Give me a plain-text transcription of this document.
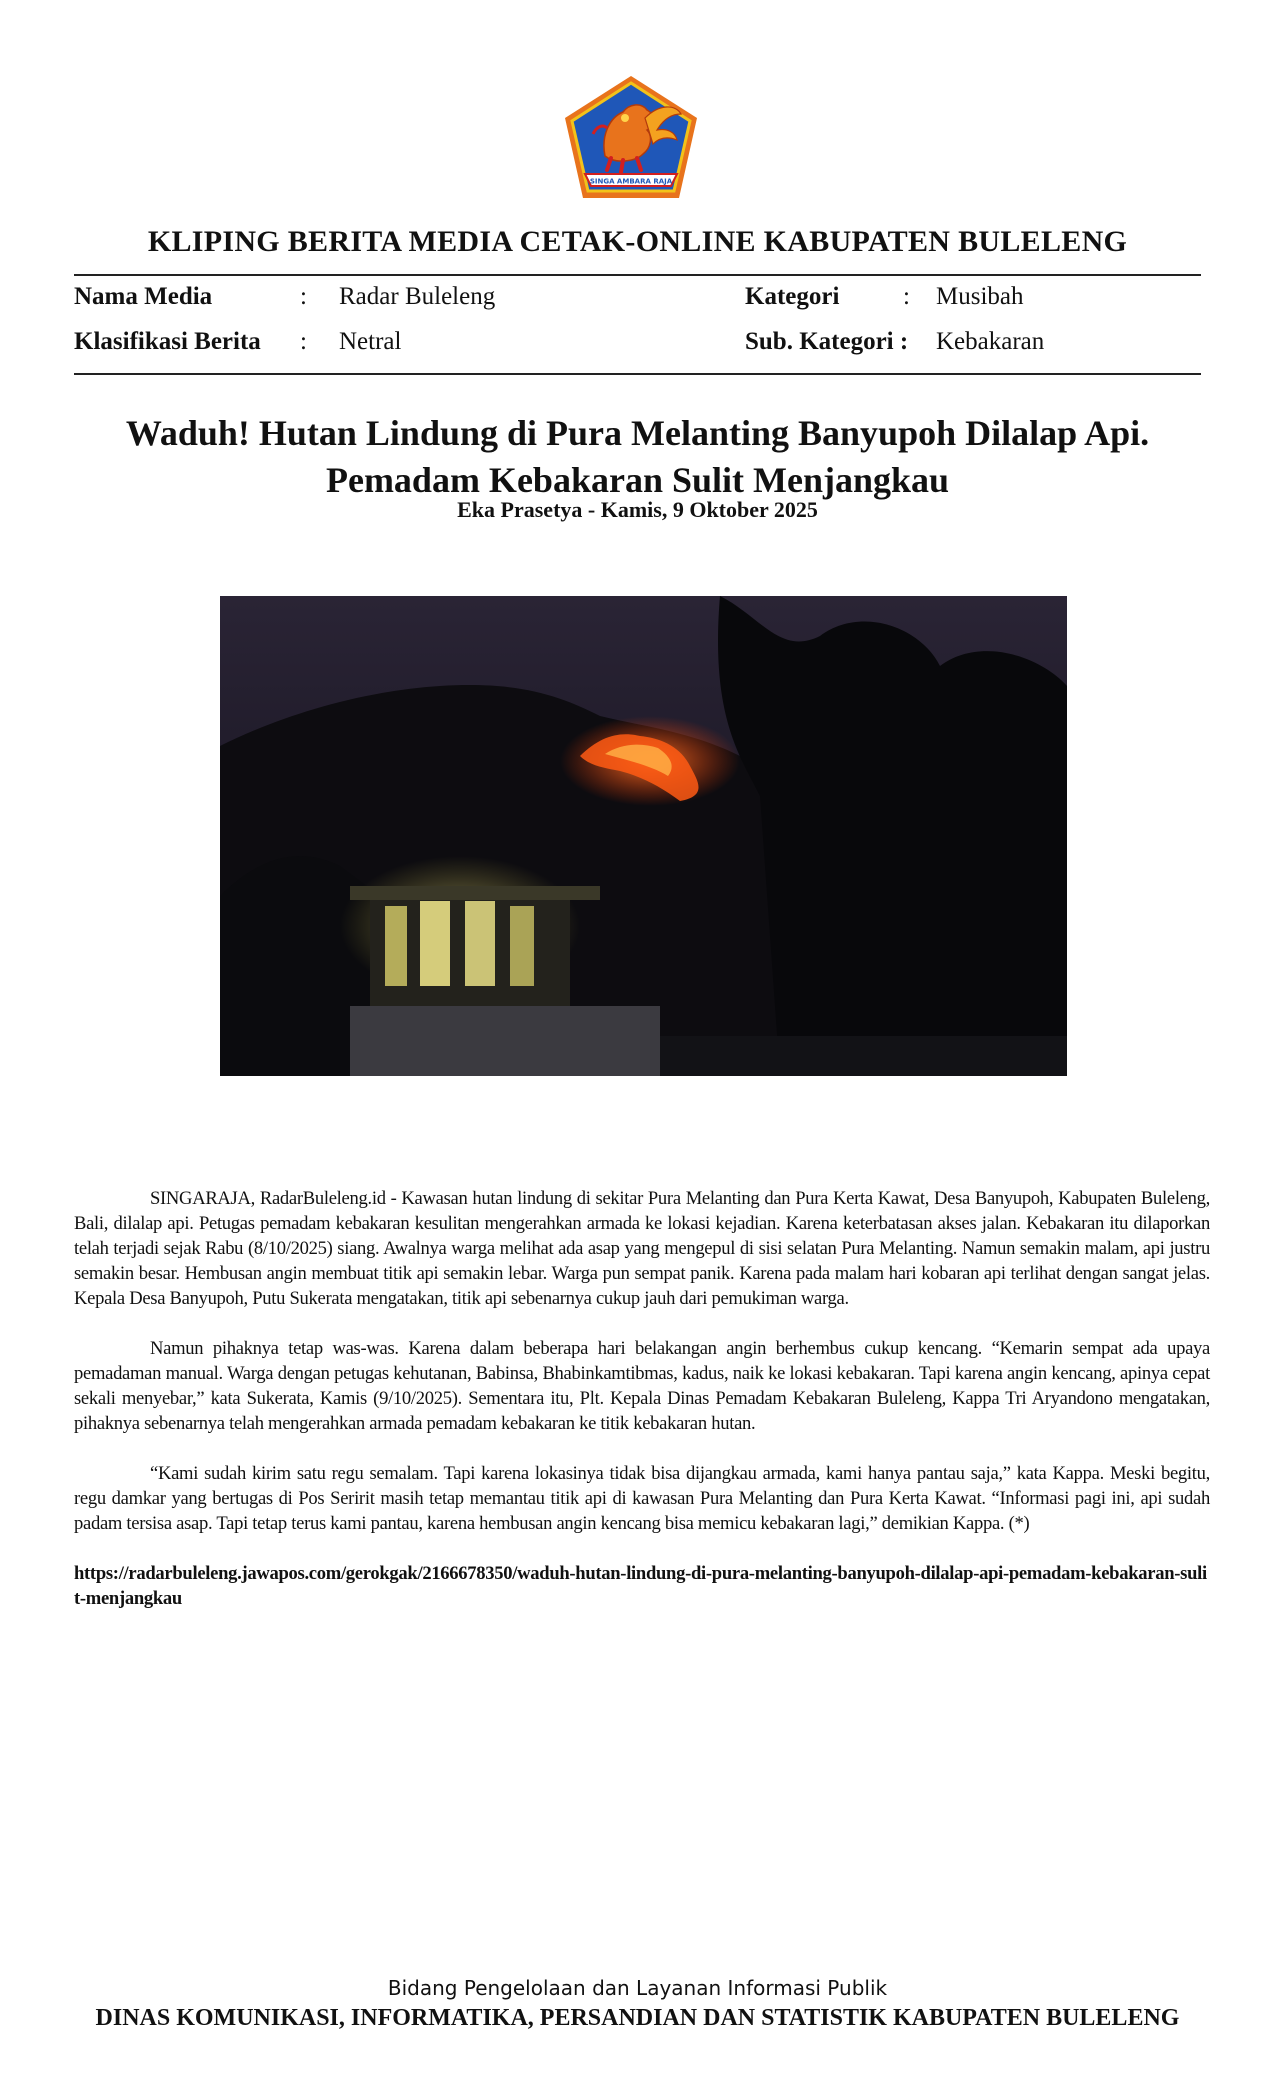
SINGA AMBARA RAJA
KLIPING BERITA MEDIA CETAK-ONLINE KABUPATEN BULELENG
Nama Media	: Radar Buleleng	Kategori	: Musibah
Klasifikasi Berita : Netral	Sub. Kategori : Kebakaran
Waduh! Hutan Lindung di Pura Melanting Banyupoh Dilalap Api.
Pemadam Kebakaran Sulit Menjangkau
Eka Prasetya - Kamis, 9 Oktober 2025

SINGARAJA, RadarBuleleng.id - Kawasan hutan lindung di sekitar Pura Melanting dan Pura Kerta Kawat, Desa Banyupoh, Kabupaten Buleleng, Bali, dilalap api. Petugas pemadam kebakaran kesulitan mengerahkan armada ke lokasi kejadian. Karena keterbatasan akses jalan. Kebakaran itu dilaporkan telah terjadi sejak Rabu (8/10/2025) siang. Awalnya warga melihat ada asap yang mengepul di sisi selatan Pura Melanting. Namun semakin malam, api justru semakin besar. Hembusan angin membuat titik api semakin lebar. Warga pun sempat panik. Karena pada malam hari kobaran api terlihat dengan sangat jelas. Kepala Desa Banyupoh, Putu Sukerata mengatakan, titik api sebenarnya cukup jauh dari pemukiman warga.

Namun pihaknya tetap was-was. Karena dalam beberapa hari belakangan angin berhembus cukup kencang. “Kemarin sempat ada upaya pemadaman manual. Warga dengan petugas kehutanan, Babinsa, Bhabinkamtibmas, kadus, naik ke lokasi kebakaran. Tapi karena angin kencang, apinya cepat sekali menyebar,” kata Sukerata, Kamis (9/10/2025). Sementara itu, Plt. Kepala Dinas Pemadam Kebakaran Buleleng, Kappa Tri Aryandono mengatakan, pihaknya sebenarnya telah mengerahkan armada pemadam kebakaran ke titik kebakaran hutan.

“Kami sudah kirim satu regu semalam. Tapi karena lokasinya tidak bisa dijangkau armada, kami hanya pantau saja,” kata Kappa. Meski begitu, regu damkar yang bertugas di Pos Seririt masih tetap memantau titik api di kawasan Pura Melanting dan Pura Kerta Kawat. “Informasi pagi ini, api sudah padam tersisa asap. Tapi tetap terus kami pantau, karena hembusan angin kencang bisa memicu kebakaran lagi,” demikian Kappa. (*)

https://radarbuleleng.jawapos.com/gerokgak/2166678350/waduh-hutan-lindung-di-pura-melanting-banyupoh-dilalap-api-pemadam-kebakaran-sulit-menjangkau

Bidang Pengelolaan dan Layanan Informasi Publik
DINAS KOMUNIKASI, INFORMATIKA, PERSANDIAN DAN STATISTIK KABUPATEN BULELENG
